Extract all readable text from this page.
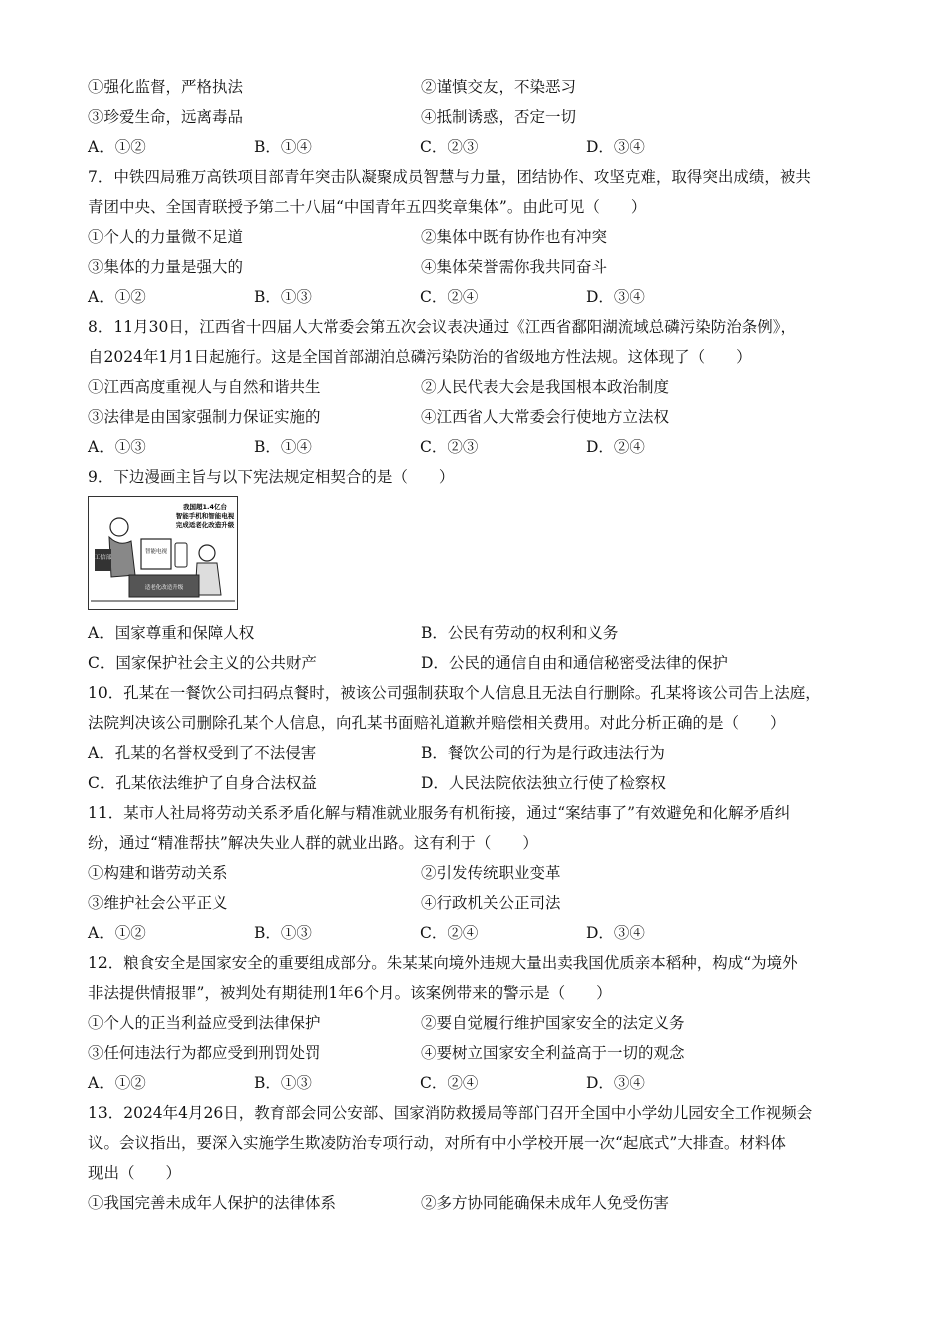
①强化监督，严格执法	②谨慎交友，不染恶习
③珍爱生命，远离毒品	④抵制诱惑，否定一切
A．①②	B．①④	C．②③	D．③④
7．中铁四局雅万高铁项目部青年突击队凝聚成员智慧与力量，团结协作、攻坚克难，取得突出成绩，被共
青团中央、全国青联授予第二十八届“中国青年五四奖章集体”。由此可见（　　）
①个人的力量微不足道	②集体中既有协作也有冲突
③集体的力量是强大的	④集体荣誉需你我共同奋斗
A．①②	B．①③	C．②④	D．③④
8．11月30日，江西省十四届人大常委会第五次会议表决通过《江西省鄱阳湖流域总磷污染防治条例》，
自2024年1月1日起施行。这是全国首部湖泊总磷污染防治的省级地方性法规。这体现了（　　）
①江西高度重视人与自然和谐共生	②人民代表大会是我国根本政治制度
③法律是由国家强制力保证实施的	④江西省人大常委会行使地方立法权
A．①③	B．①④	C．②③	D．②④
9．下边漫画主旨与以下宪法规定相契合的是（　　）
我国超1.4亿台
智能手机和智能电视
完成适老化改造升级
工信部
智能电视
适老化改造升级
A．国家尊重和保障人权	B．公民有劳动的权利和义务
C．国家保护社会主义的公共财产	D．公民的通信自由和通信秘密受法律的保护
10．孔某在一餐饮公司扫码点餐时，被该公司强制获取个人信息且无法自行删除。孔某将该公司告上法庭，
法院判决该公司删除孔某个人信息，向孔某书面赔礼道歉并赔偿相关费用。对此分析正确的是（　　）
A．孔某的名誉权受到了不法侵害	B．餐饮公司的行为是行政违法行为
C．孔某依法维护了自身合法权益	D．人民法院依法独立行使了检察权
11．某市人社局将劳动关系矛盾化解与精准就业服务有机衔接，通过“案结事了”有效避免和化解矛盾纠
纷，通过“精准帮扶”解决失业人群的就业出路。这有利于（　　）
①构建和谐劳动关系	②引发传统职业变革
③维护社会公平正义	④行政机关公正司法
A．①②	B．①③	C．②④	D．③④
12．粮食安全是国家安全的重要组成部分。朱某某向境外违规大量出卖我国优质亲本稻种，构成“为境外
非法提供情报罪”，被判处有期徒刑1年6个月。该案例带来的警示是（　　）
①个人的正当利益应受到法律保护	②要自觉履行维护国家安全的法定义务
③任何违法行为都应受到刑罚处罚	④要树立国家安全利益高于一切的观念
A．①②	B．①③	C．②④	D．③④
13．2024年4月26日，教育部会同公安部、国家消防救援局等部门召开全国中小学幼儿园安全工作视频会
议。会议指出，要深入实施学生欺凌防治专项行动，对所有中小学校开展一次“起底式”大排查。材料体
现出（　　）
①我国完善未成年人保护的法律体系	②多方协同能确保未成年人免受伤害
